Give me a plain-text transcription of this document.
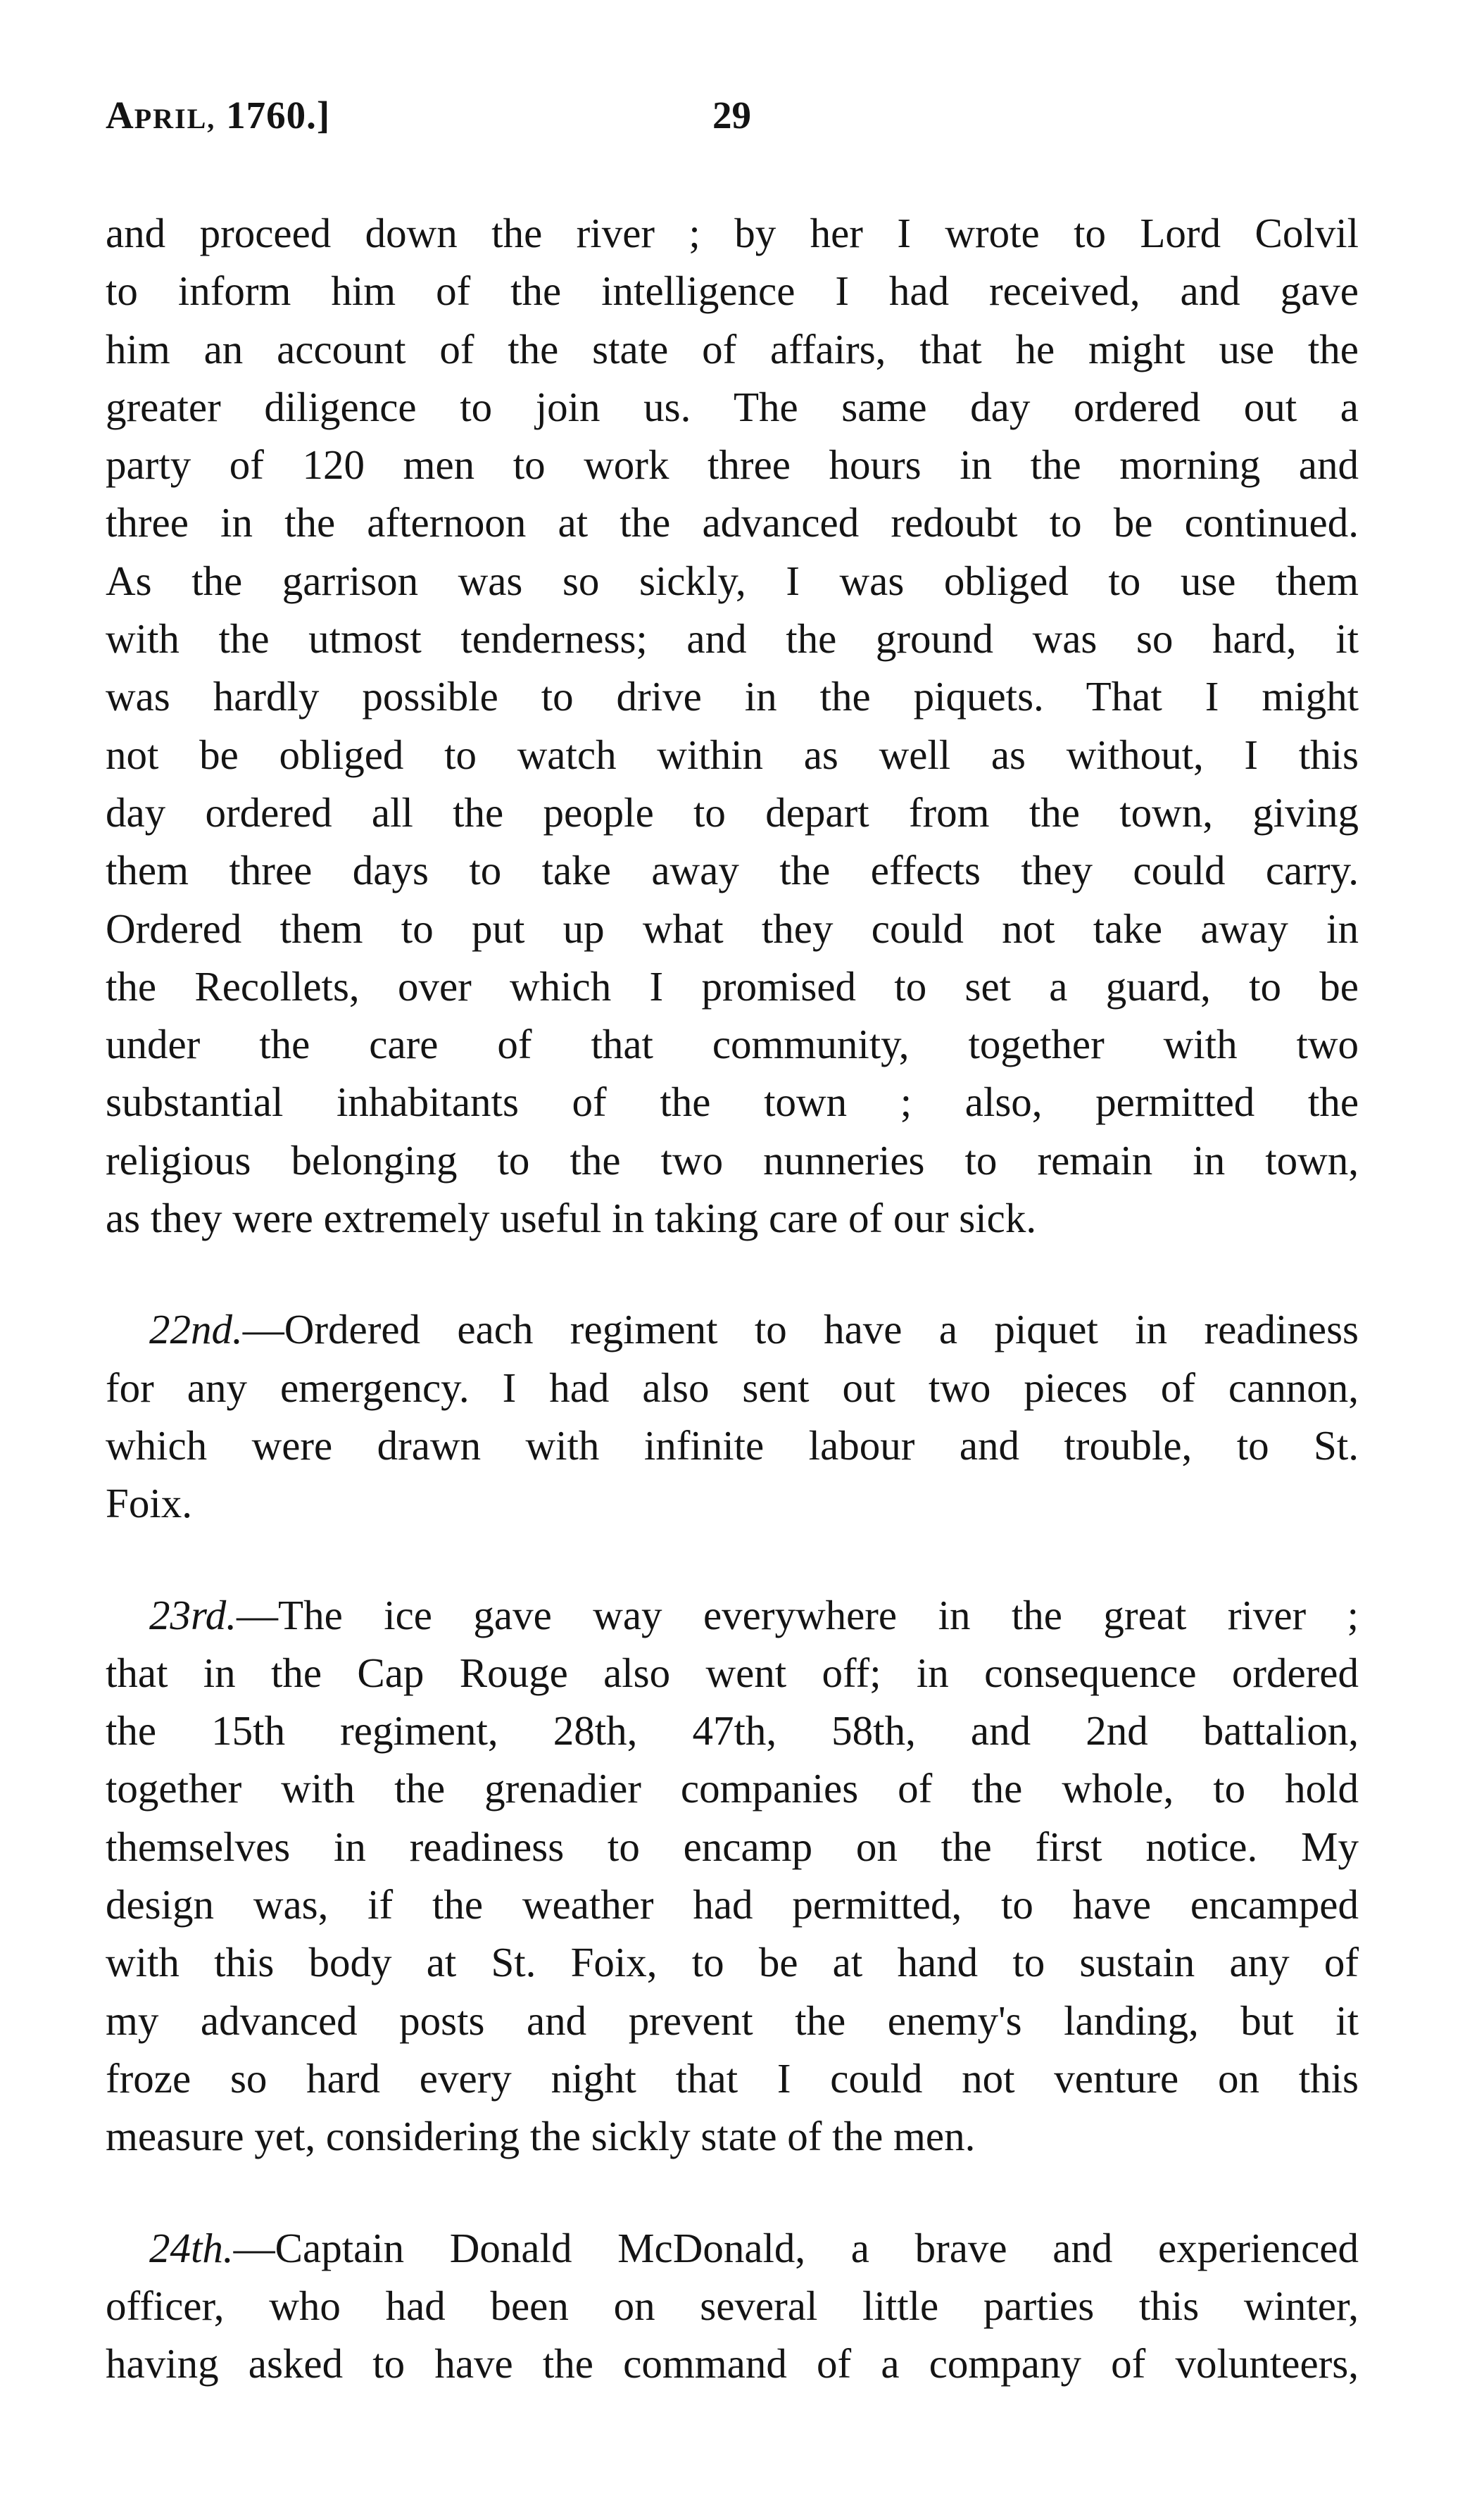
APRIL, 1760.]	29

and proceed down the river ; by her I wrote to Lord Colvil
to inform him of the intelligence I had received, and gave
him an account of the state of affairs, that he might use the
greater diligence to join us. The same day ordered out a
party of 120 men to work three hours in the morning and
three in the afternoon at the advanced redoubt to be continued.
As the garrison was so sickly, I was obliged to use them
with the utmost tenderness; and the ground was so hard, it
was hardly possible to drive in the piquets. That I might
not be obliged to watch within as well as without, I this
day ordered all the people to depart from the town, giving
them three days to take away the effects they could carry.
Ordered them to put up what they could not take away in
the Recollets, over which I promised to set a guard, to be
under the care of that community, together with two
substantial inhabitants of the town ; also, permitted the
religious belonging to the two nunneries to remain in town,
as they were extremely useful in taking care of our sick.

22nd.—Ordered each regiment to have a piquet in readiness
for any emergency. I had also sent out two pieces of cannon,
which were drawn with infinite labour and trouble, to St.
Foix.

23rd.—The ice gave way everywhere in the great river ;
that in the Cap Rouge also went off; in consequence ordered
the 15th regiment, 28th, 47th, 58th, and 2nd battalion,
together with the grenadier companies of the whole, to hold
themselves in readiness to encamp on the first notice. My
design was, if the weather had permitted, to have encamped
with this body at St. Foix, to be at hand to sustain any of
my advanced posts and prevent the enemy's landing, but it
froze so hard every night that I could not venture on this
measure yet, considering the sickly state of the men.

24th.—Captain Donald McDonald, a brave and experienced
officer, who had been on several little parties this winter,
having asked to have the command of a company of volunteers,
